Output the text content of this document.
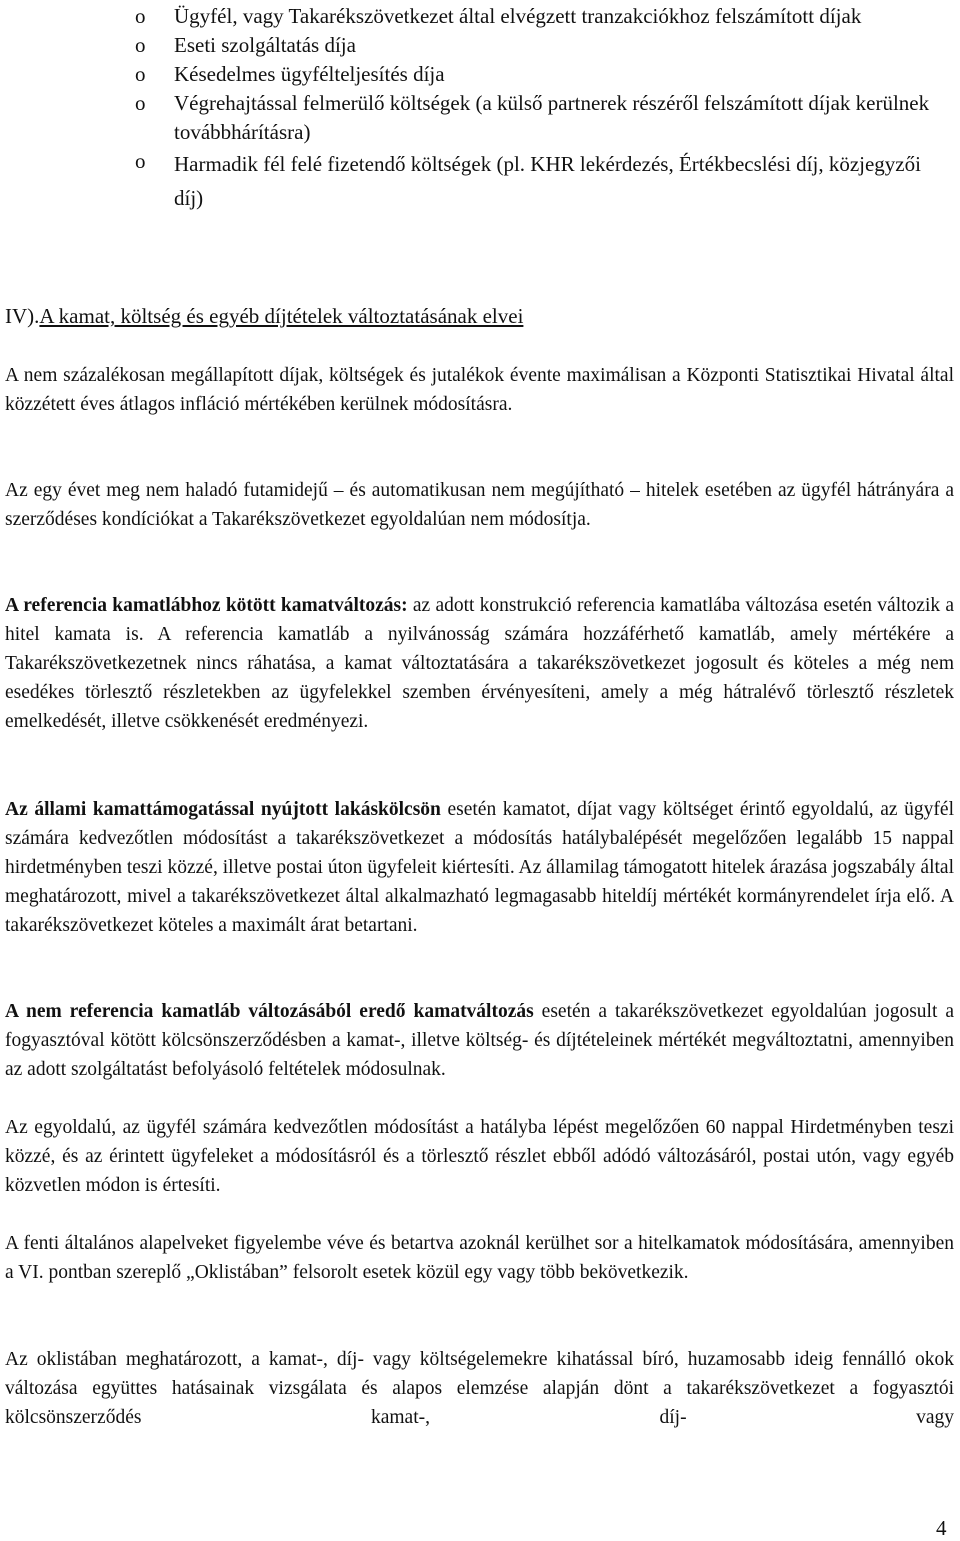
o Ügyfél, vagy Takarékszövetkezet által elvégzett tranzakciókhoz felszámított díjak
o Eseti szolgáltatás díja
o Késedelmes ügyfélteljesítés díja
o Végrehajtással felmerülő költségek (a külső partnerek részéről felszámított díjak kerülnek továbbhárításra)
o Harmadik fél felé fizetendő költségek (pl. KHR lekérdezés, Értékbecslési díj, közjegyzői díj)
IV).A kamat, költség és egyéb díjtételek változtatásának elvei

A nem százalékosan megállapított díjak, költségek és jutalékok évente maximálisan a Központi Statisztikai Hivatal által közzétett éves átlagos infláció mértékében kerülnek módosításra.

Az egy évet meg nem haladó futamidejű – és automatikusan nem megújítható – hitelek esetében az ügyfél hátrányára a szerződéses kondíciókat a Takarékszövetkezet egyoldalúan nem módosítja.

A referencia kamatlábhoz kötött kamatváltozás: az adott konstrukció referencia kamatlába változása esetén változik a hitel kamata is. A referencia kamatláb a nyilvánosság számára hozzáférhető kamatláb, amely mértékére a Takarékszövetkezetnek nincs ráhatása, a kamat változtatására a takarékszövetkezet jogosult és köteles a még nem esedékes törlesztő részletekben az ügyfelekkel szemben érvényesíteni, amely a még hátralévő törlesztő részletek emelkedését, illetve csökkenését eredményezi.

Az állami kamattámogatással nyújtott lakáskölcsön esetén kamatot, díjat vagy költséget érintő egyoldalú, az ügyfél számára kedvezőtlen módosítást a takarékszövetkezet a módosítás hatálybalépését megelőzően legalább 15 nappal hirdetményben teszi közzé, illetve postai úton ügyfeleit kiértesíti. Az államilag támogatott hitelek árazása jogszabály által meghatározott, mivel a takarékszövetkezet által alkalmazható legmagasabb hiteldíj mértékét kormányrendelet írja elő. A takarékszövetkezet köteles a maximált árat betartani.

A nem referencia kamatláb változásából eredő kamatváltozás esetén a takarékszövetkezet egyoldalúan jogosult a fogyasztóval kötött kölcsönszerződésben a kamat-, illetve költség- és díjtételeinek mértékét megváltoztatni, amennyiben az adott szolgáltatást befolyásoló feltételek módosulnak.

Az egyoldalú, az ügyfél számára kedvezőtlen módosítást a hatályba lépést megelőzően 60 nappal Hirdetményben teszi közzé, és az érintett ügyfeleket a módosításról és a törlesztő részlet ebből adódó változásáról, postai utón, vagy egyéb közvetlen módon is értesíti.

A fenti általános alapelveket figyelembe véve és betartva azoknál kerülhet sor a hitelkamatok módosítására, amennyiben a VI. pontban szereplő „Oklistában” felsorolt esetek közül egy vagy több bekövetkezik.

Az oklistában meghatározott, a kamat-, díj- vagy költségelemekre kihatással bíró, huzamosabb ideig fennálló okok változása együttes hatásainak vizsgálata és alapos elemzése alapján dönt a takarékszövetkezet a fogyasztói kölcsönszerződés kamat-, díj- vagy

4
